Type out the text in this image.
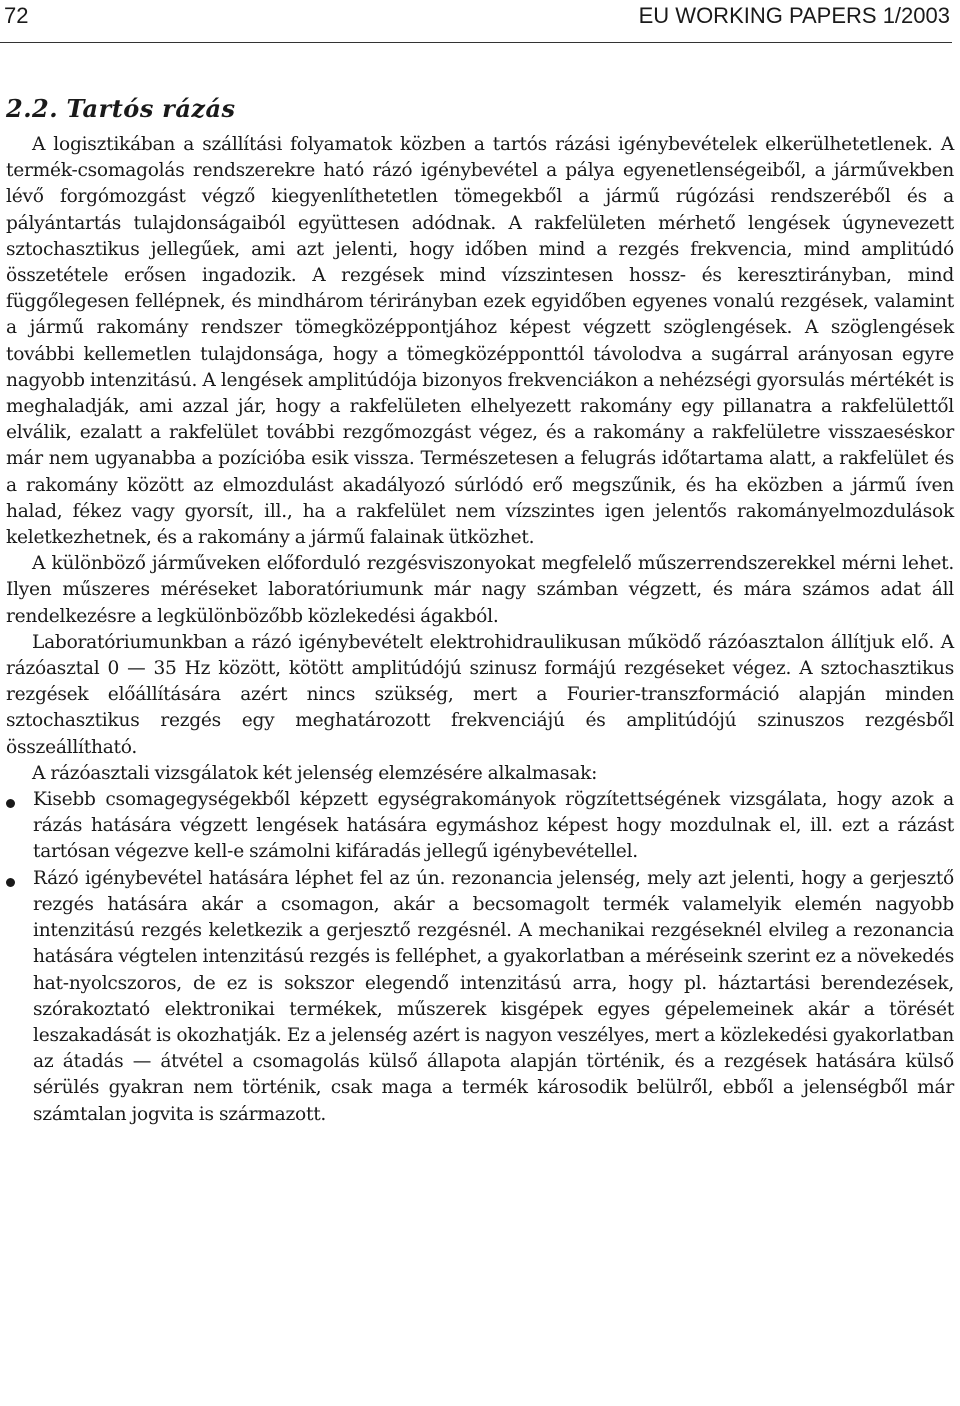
72	EU WORKING PAPERS 1/2003
2.2. Tartós rázás

A logisztikában a szállítási folyamatok közben a tartós rázási igénybevételek elkerülhetetlenek. A termék-csomagolás rendszerekre ható rázó igénybevétel a pálya egyenetlenségeiből, a járművekben lévő forgómozgást végző kiegyenlíthetetlen tömegekből a jármű rúgózási rendszeréből és a pályántartás tulajdonságaiból együttesen adódnak. A rakfelületen mérhető lengések úgynevezett sztochasztikus jellegűek, ami azt jelenti, hogy időben mind a rezgés frekvencia, mind amplitúdó összetétele erősen ingadozik. A rezgések mind vízszintesen hossz- és keresztirányban, mind függőlegesen fellépnek, és mindhárom térirányban ezek egyidőben egyenes vonalú rezgések, valamint a jármű rakomány rendszer tömegközéppontjához képest végzett szöglengések. A szöglengések további kellemetlen tulajdonsága, hogy a tömegközépponttól távolodva a sugárral arányosan egyre nagyobb intenzitású. A lengések amplitúdója bizonyos frekvenciákon a nehézségi gyorsulás mértékét is meghaladják, ami azzal jár, hogy a rakfelületen elhelyezett rakomány egy pillanatra a rakfelülettől elválik, ezalatt a rakfelület további rezgőmozgást végez, és a rakomány a rakfelületre visszaeséskor már nem ugyanabba a pozícióba esik vissza. Természetesen a felugrás időtartama alatt, a rakfelület és a rakomány között az elmozdulást akadályozó súrlódó erő megszűnik, és ha eközben a jármű íven halad, fékez vagy gyorsít, ill., ha a rakfelület nem vízszintes igen jelentős rakományelmozdulások keletkezhetnek, és a rakomány a jármű falainak ütközhet.

A különböző járműveken előforduló rezgésviszonyokat megfelelő műszerrendszerekkel mérni lehet. Ilyen műszeres méréseket laboratóriumunk már nagy számban végzett, és mára számos adat áll rendelkezésre a legkülönbözőbb közlekedési ágakból.

Laboratóriumunkban a rázó igénybevételt elektrohidraulikusan működő rázóasztalon állítjuk elő. A rázóasztal 0 — 35 Hz között, kötött amplitúdójú szinusz formájú rezgéseket végez. A sztochasztikus rezgések előállítására azért nincs szükség, mert a Fourier-transzformáció alapján minden sztochasztikus rezgés egy meghatározott frekvenciájú és amplitúdójú szinuszos rezgésből összeállítható.

A rázóasztali vizsgálatok két jelenség elemzésére alkalmasak:

Kisebb csomagegységekből képzett egységrakományok rögzítettségének vizsgálata, hogy azok a rázás hatására végzett lengések hatására egymáshoz képest hogy mozdulnak el, ill. ezt a rázást tartósan végezve kell-e számolni kifáradás jellegű igénybevétellel.
Rázó igénybevétel hatására léphet fel az ún. rezonancia jelenség, mely azt jelenti, hogy a gerjesztő rezgés hatására akár a csomagon, akár a becsomagolt termék valamelyik elemén nagyobb intenzitású rezgés keletkezik a gerjesztő rezgésnél. A mechanikai rezgéseknél elvileg a rezonancia hatására végtelen intenzitású rezgés is felléphet, a gyakorlatban a méréseink szerint ez a növekedés hat-nyolcszoros, de ez is sokszor elegendő intenzitású arra, hogy pl. háztartási berendezések, szórakoztató elektronikai termékek, műszerek kisgépek egyes gépelemeinek akár a törését leszakadását is okozhatják. Ez a jelenség azért is nagyon veszélyes, mert a közlekedési gyakorlatban az átadás — átvétel a csomagolás külső állapota alapján történik, és a rezgések hatására külső sérülés gyakran nem történik, csak maga a termék károsodik belülről, ebből a jelenségből már számtalan jogvita is származott.
